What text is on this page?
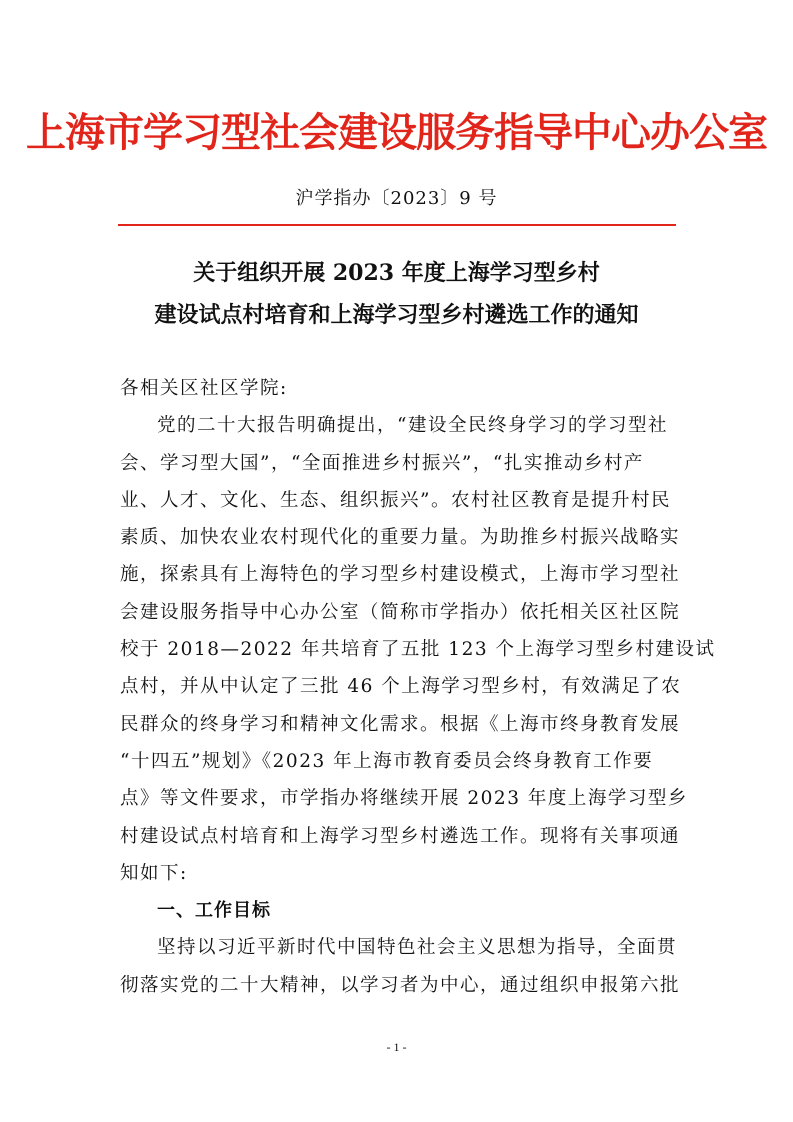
上海市学习型社会建设服务指导中心办公室
沪学指办〔2023〕9 号
关于组织开展 2023 年度上海学习型乡村
建设试点村培育和上海学习型乡村遴选工作的通知
各相关区社区学院:
党的二十大报告明确提出，“建设全民终身学习的学习型社
会、学习型大国”，“全面推进乡村振兴”，“扎实推动乡村产
业、人才、文化、生态、组织振兴”。农村社区教育是提升村民
素质、加快农业农村现代化的重要力量。为助推乡村振兴战略实
施，探索具有上海特色的学习型乡村建设模式，上海市学习型社
会建设服务指导中心办公室（简称市学指办）依托相关区社区院
校于 2018—2022 年共培育了五批 123 个上海学习型乡村建设试
点村，并从中认定了三批 46 个上海学习型乡村，有效满足了农
民群众的终身学习和精神文化需求。根据《上海市终身教育发展
“十四五”规划》《2023 年上海市教育委员会终身教育工作要
点》等文件要求，市学指办将继续开展 2023 年度上海学习型乡
村建设试点村培育和上海学习型乡村遴选工作。现将有关事项通
知如下:
一、工作目标
坚持以习近平新时代中国特色社会主义思想为指导，全面贯
彻落实党的二十大精神，以学习者为中心，通过组织申报第六批
- 1 -
